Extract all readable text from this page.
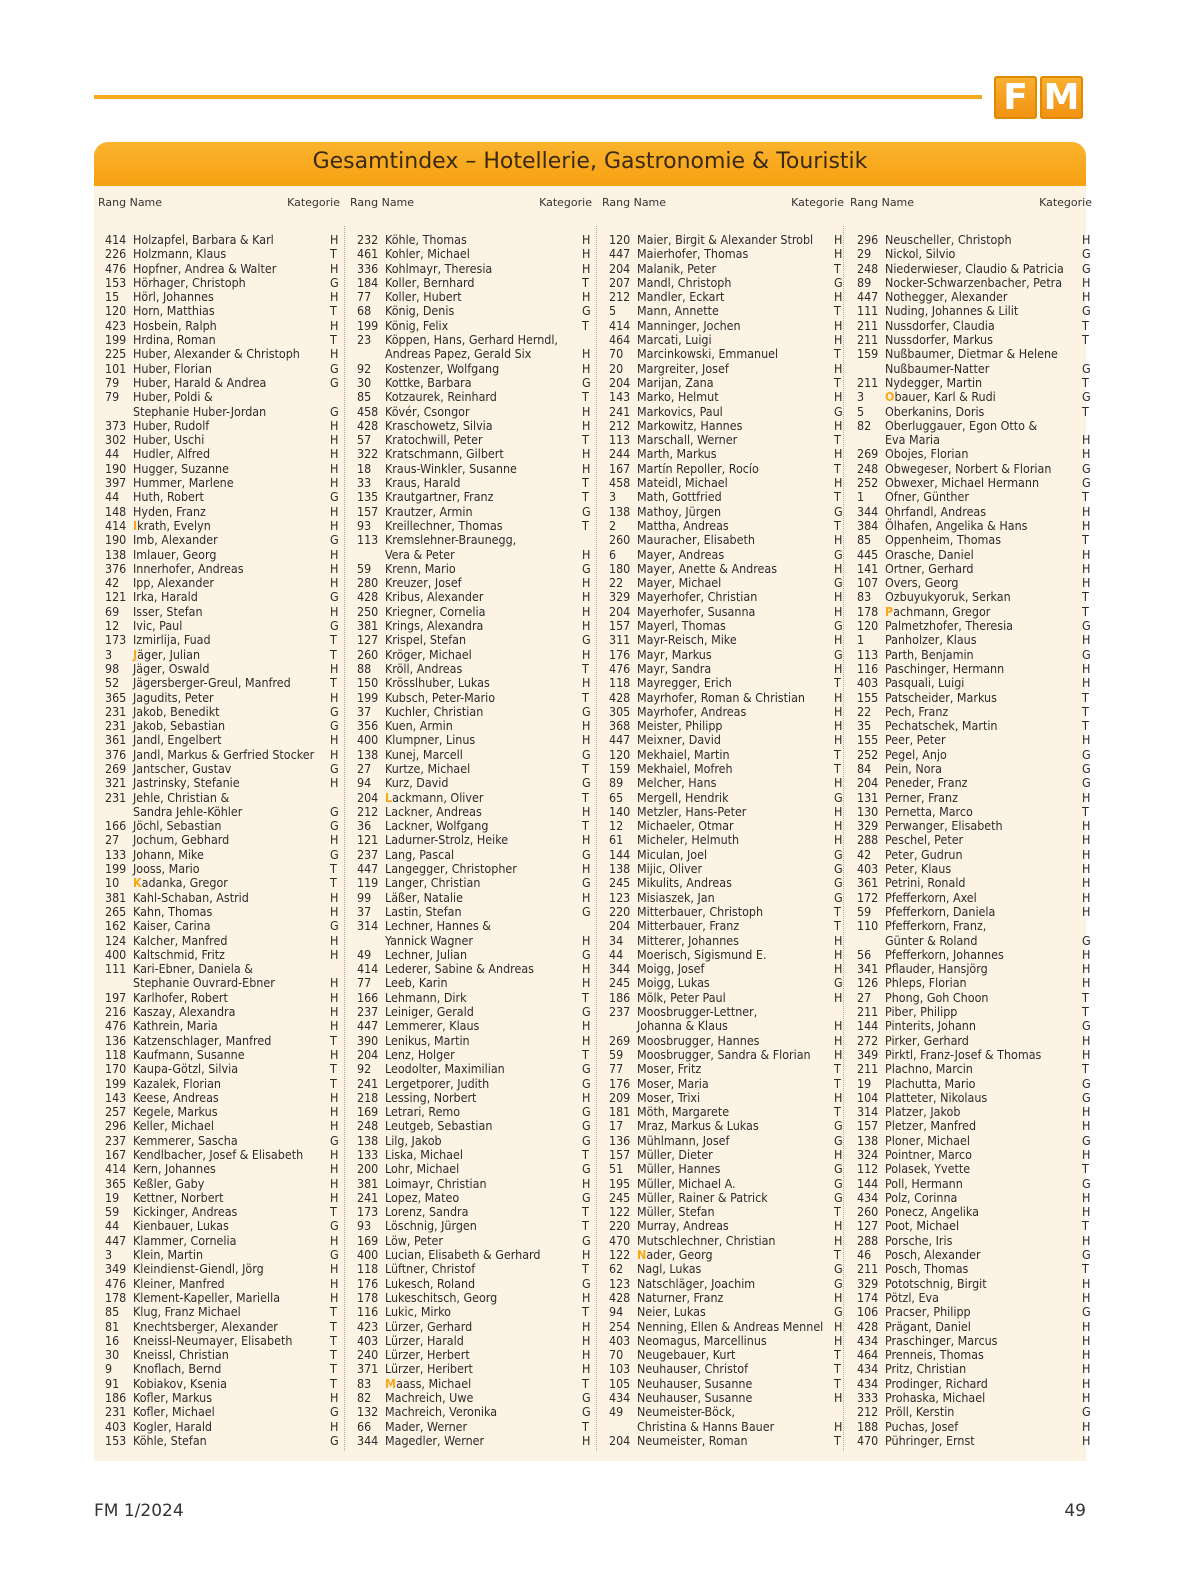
F M
Gesamtindex – Hotellerie, Gastronomie & Touristik
Rang Name	Kategorie
414 Holzapfel, Barbara & Karl	H
226 Holzmann, Klaus	T
476 Hopfner, Andrea & Walter	H
153 Hörhager, Christoph	G
15	Hörl, Johannes	H
120 Horn, Matthias	T
423 Hosbein, Ralph	H
199 Hrdina, Roman	T
225 Huber, Alexander & Christoph H
101 Huber, Florian	G
79	Huber, Harald & Andrea	G
79	Huber, Poldi &
Stephanie Huber-Jordan	G
373 Huber, Rudolf	H
302 Huber, Uschi	H
44	Hudler, Alfred	H
190 Hugger, Suzanne	H
397 Hummer, Marlene	H
44	Huth, Robert	G
148 Hyden, Franz	H
414 Ikrath, Evelyn	H
190 Imb, Alexander	G
138 Imlauer, Georg	H
376 Innerhofer, Andreas	H
42	Ipp, Alexander	H
121 Irka, Harald	G
69	Isser, Stefan	H
12	Ivic, Paul	G
173 Izmirlija, Fuad	T
3	Jäger, Julian	T
98	Jäger, Oswald	H
52	Jägersberger-Greul, Manfred	T
365 Jagudits, Peter	H
231 Jakob, Benedikt	G
231 Jakob, Sebastian	G
361 Jandl, Engelbert	H
376 Jandl, Markus & Gerfried Stocker H
269 Jantscher, Gustav	G
321 Jastrinsky, Stefanie	H
231 Jehle, Christian &
Sandra Jehle-Köhler	G
166 Jöchl, Sebastian	G
27	Jochum, Gebhard	H
133 Johann, Mike	G
199 Jooss, Mario	T
10	Kadanka, Gregor	T
381 Kahl-Schaban, Astrid	H
265 Kahn, Thomas	H
162 Kaiser, Carina	G
124 Kalcher, Manfred	H
400 Kaltschmid, Fritz	H
111 Kari-Ebner, Daniela &
Stephanie Ouvrard-Ebner	H
197 Karlhofer, Robert	H
216 Kaszay, Alexandra	H
476 Kathrein, Maria	H
136 Katzenschlager, Manfred	T
118 Kaufmann, Susanne	H
170 Kaupa-Götzl, Silvia	T
199 Kazalek, Florian	T
143 Keese, Andreas	H
257 Kegele, Markus	H
296 Keller, Michael	H
237 Kemmerer, Sascha	G
167 Kendlbacher, Josef & Elisabeth H
414 Kern, Johannes	H
365 Keßler, Gaby	H
19	Kettner, Norbert	H
59	Kickinger, Andreas	T
44	Kienbauer, Lukas	G
447 Klammer, Cornelia	H
3	Klein, Martin	G
349 Kleindienst-Giendl, Jörg	H
476 Kleiner, Manfred	H
178 Klement-Kapeller, Mariella	H
85	Klug, Franz Michael	T
81	Knechtsberger, Alexander	T
16	Kneissl-Neumayer, Elisabeth	T
30	Kneissl, Christian	T
9	Knoflach, Bernd	T
91	Kobiakov, Ksenia	T
186 Kofler, Markus	H
231 Kofler, Michael	G
403 Kogler, Harald	H
153 Köhle, Stefan	G
Rang Name	Kategorie
232 Köhle, Thomas	H
461 Kohler, Michael	H
336 Kohlmayr, Theresia	H
184 Koller, Bernhard	T
77	Koller, Hubert	H
68	König, Denis	G
199 König, Felix	T
23	Köppen, Hans, Gerhard Herndl,
Andreas Papez, Gerald Six	H
92	Kostenzer, Wolfgang	H
30	Kottke, Barbara	G
85	Kotzaurek, Reinhard	T
458 Kövér, Csongor	H
428 Kraschowetz, Silvia	H
57	Kratochwill, Peter	T
322 Kratschmann, Gilbert	H
18	Kraus-Winkler, Susanne	H
33	Kraus, Harald	T
135 Krautgartner, Franz	T
157 Krautzer, Armin	G
93	Kreillechner, Thomas	T
113 Kremslehner-Braunegg,
Vera & Peter	H
59	Krenn, Mario	G
280 Kreuzer, Josef	H
428 Kribus, Alexander	H
250 Kriegner, Cornelia	H
381 Krings, Alexandra	H
127 Krispel, Stefan	G
260 Kröger, Michael	H
88	Kröll, Andreas	T
150 Krösslhuber, Lukas	H
199 Kubsch, Peter-Mario	T
37	Kuchler, Christian	G
356 Kuen, Armin	H
400 Klumpner, Linus	H
138 Kunej, Marcell	G
27	Kurtze, Michael	T
94	Kurz, David	G
204 Lackmann, Oliver	T
212 Lackner, Andreas	H
36	Lackner, Wolfgang	T
121 Ladurner-Strolz, Heike	H
237 Lang, Pascal	G
447 Langegger, Christopher	H
119 Langer, Christian	G
99	Läßer, Natalie	H
37	Lastin, Stefan	G
314 Lechner, Hannes &
Yannick Wagner	H
49	Lechner, Julian	G
414 Lederer, Sabine & Andreas	H
77	Leeb, Karin	H
166 Lehmann, Dirk	T
237 Leiniger, Gerald	G
447 Lemmerer, Klaus	H
390 Lenikus, Martin	H
204 Lenz, Holger	T
92	Leodolter, Maximilian	G
241 Lergetporer, Judith	G
218 Lessing, Norbert	H
169 Letrari, Remo	G
248 Leutgeb, Sebastian	G
138 Lilg, Jakob	G
133 Liska, Michael	T
200 Lohr, Michael	G
381 Loimayr, Christian	H
241 Lopez, Mateo	G
173 Lorenz, Sandra	T
93	Löschnig, Jürgen	T
169 Löw, Peter	G
400 Lucian, Elisabeth & Gerhard	H
118 Lüftner, Christof	T
176 Lukesch, Roland	G
178 Lukeschitsch, Georg	H
116 Lukic, Mirko	T
423 Lürzer, Gerhard	H
403 Lürzer, Harald	H
240 Lürzer, Herbert	H
371 Lürzer, Heribert	H
83	Maass, Michael	T
82	Machreich, Uwe	G
132 Machreich, Veronika	G
66	Mader, Werner	T
344 Magedler, Werner	H
Rang Name	Kategorie
120 Maier, Birgit & Alexander Strobl H
447 Maierhofer, Thomas	H
204 Malanik, Peter	T
207 Mandl, Christoph	G
212 Mandler, Eckart	H
5	Mann, Annette	T
414 Manninger, Jochen	H
464 Marcati, Luigi	H
70	Marcinkowski, Emmanuel	T
20	Margreiter, Josef	H
204 Marijan, Zana	T
143 Marko, Helmut	H
241 Markovics, Paul	G
212 Markowitz, Hannes	H
113 Marschall, Werner	T
244 Marth, Markus	H
167 Martín Repoller, Rocío	T
458 Mateidl, Michael	H
3	Math, Gottfried	T
138 Mathoy, Jürgen	G
2	Mattha, Andreas	T
260 Mauracher, Elisabeth	H
6	Mayer, Andreas	G
180 Mayer, Anette & Andreas	H
22	Mayer, Michael	G
329 Mayerhofer, Christian	H
204 Mayerhofer, Susanna	H
157 Mayerl, Thomas	G
311 Mayr-Reisch, Mike	H
176 Mayr, Markus	G
476 Mayr, Sandra	H
118 Mayregger, Erich	T
428 Mayrhofer, Roman & Christian H
305 Mayrhofer, Andreas	H
368 Meister, Philipp	H
447 Meixner, David	H
120 Mekhaiel, Martin	T
159 Mekhaiel, Mofreh	T
89	Melcher, Hans	H
65	Mergell, Hendrik	G
140 Metzler, Hans-Peter	H
12	Michaeler, Otmar	H
61	Micheler, Helmuth	H
144 Miculan, Joel	G
138 Mijic, Oliver	G
245 Mikulits, Andreas	G
123 Misiaszek, Jan	G
220 Mitterbauer, Christoph	T
204 Mitterbauer, Franz	T
34	Mitterer, Johannes	H
44	Moerisch, Sigismund E.	H
344 Moigg, Josef	H
245 Moigg, Lukas	G
186 Mölk, Peter Paul	H
237 Moosbrugger-Lettner,
Johanna & Klaus	H
269 Moosbrugger, Hannes	H
59	Moosbrugger, Sandra & Florian H
77	Moser, Fritz	T
176 Moser, Maria	T
209 Moser, Trixi	H
181 Möth, Margarete	T
17	Mraz, Markus & Lukas	G
136 Mühlmann, Josef	G
157 Müller, Dieter	H
51	Müller, Hannes	G
195 Müller, Michael A.	G
245 Müller, Rainer & Patrick	G
122 Müller, Stefan	T
220 Murray, Andreas	H
470 Mutschlechner, Christian	H
122 Nader, Georg	T
62	Nagl, Lukas	G
123 Natschläger, Joachim	G
428 Naturner, Franz	H
94	Neier, Lukas	G
254 Nenning, Ellen & Andreas Mennel H
403 Neomagus, Marcellinus	H
70	Neugebauer, Kurt	T
103 Neuhauser, Christof	T
105 Neuhauser, Susanne	T
434 Neuhauser, Susanne	H
49	Neumeister-Böck,
Christina & Hanns Bauer	H
204 Neumeister, Roman	T
Rang Name	Kategorie
296 Neuscheller, Christoph	H
29	Nickol, Silvio	G
248 Niederwieser, Claudio & Patricia G
89	Nocker-Schwarzenbacher, Petra H
447 Nothegger, Alexander	H
111 Nuding, Johannes & Lilit	G
211 Nussdorfer, Claudia	T
211 Nussdorfer, Markus	T
159 Nußbaumer, Dietmar & Helene
Nußbaumer-Natter	G
211 Nydegger, Martin	T
3	Obauer, Karl & Rudi	G
5	Oberkanins, Doris	T
82	Oberluggauer, Egon Otto &
Eva Maria	H
269 Obojes, Florian	H
248 Obwegeser, Norbert & Florian G
252 Obwexer, Michael Hermann	G
1	Ofner, Günther	T
344 Ohrfandl, Andreas	H
384 Ölhafen, Angelika & Hans	H
85	Oppenheim, Thomas	T
445 Orasche, Daniel	H
141 Ortner, Gerhard	H
107 Overs, Georg	H
83	Ozbuyukyoruk, Serkan	T
178 Pachmann, Gregor	T
120 Palmetzhofer, Theresia	G
1	Panholzer, Klaus	H
113 Parth, Benjamin	G
116 Paschinger, Hermann	H
403 Pasquali, Luigi	H
155 Patscheider, Markus	T
22	Pech, Franz	T
35	Pechatschek, Martin	T
155 Peer, Peter	H
252 Pegel, Anjo	G
84	Pein, Nora	G
204 Peneder, Franz	G
131 Perner, Franz	H
130 Pernetta, Marco	T
329 Perwanger, Elisabeth	H
288 Peschel, Peter	H
42	Peter, Gudrun	H
403 Peter, Klaus	H
361 Petrini, Ronald	H
172 Pfefferkorn, Axel	H
59	Pfefferkorn, Daniela	H
110 Pfefferkorn, Franz,
Günter & Roland	G
56	Pfefferkorn, Johannes	H
341 Pflauder, Hansjörg	H
126 Phleps, Florian	H
27	Phong, Goh Choon	T
211 Piber, Philipp	T
144 Pinterits, Johann	G
272 Pirker, Gerhard	H
349 Pirktl, Franz-Josef & Thomas	H
211 Plachno, Marcin	T
19	Plachutta, Mario	G
104 Platteter, Nikolaus	G
314 Platzer, Jakob	H
157 Pletzer, Manfred	H
138 Ploner, Michael	G
324 Pointner, Marco	H
112 Polasek, Yvette	T
144 Poll, Hermann	G
434 Polz, Corinna	H
260 Ponecz, Angelika	H
127 Poot, Michael	T
288 Porsche, Iris	H
46	Posch, Alexander	G
211 Posch, Thomas	T
329 Pototschnig, Birgit	H
174 Pötzl, Eva	H
106 Pracser, Philipp	G
428 Prägant, Daniel	H
434 Praschinger, Marcus	H
464 Prenneis, Thomas	H
434 Pritz, Christian	H
434 Prodinger, Richard	H
333 Prohaska, Michael	H
212 Pröll, Kerstin	G
188 Puchas, Josef	H
470 Pühringer, Ernst	H
FM 1/2024	49
